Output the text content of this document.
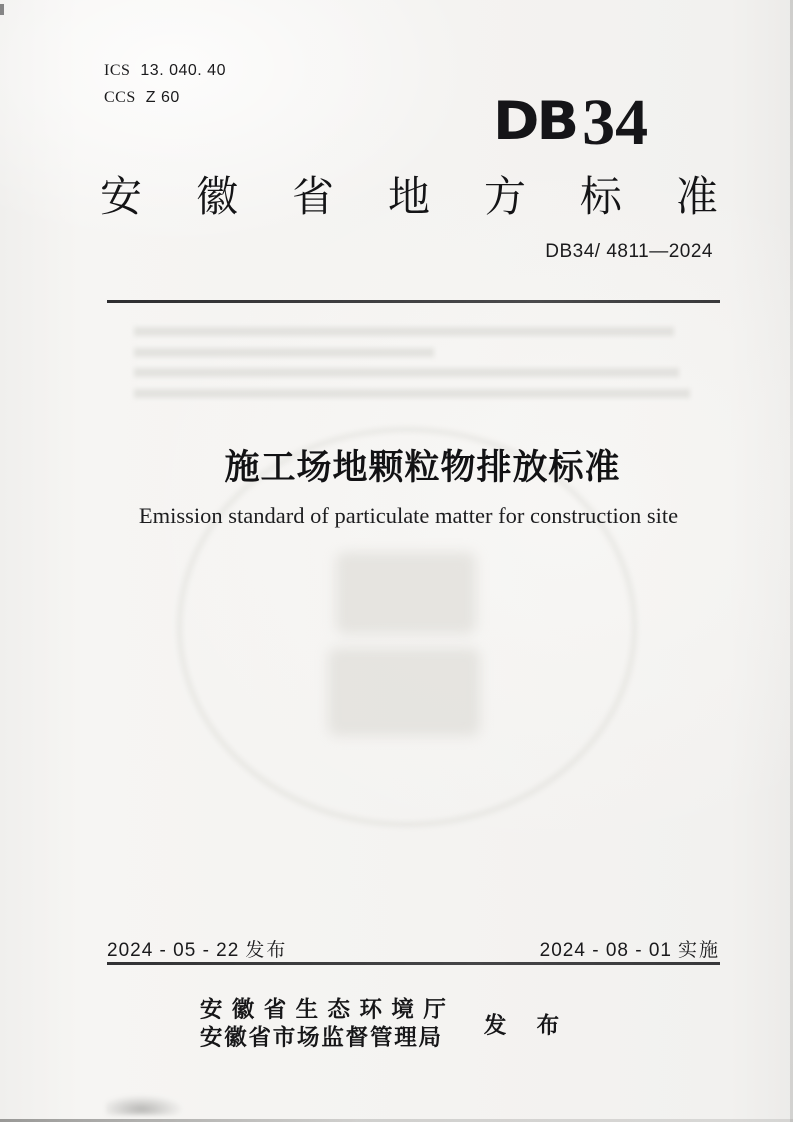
ICS 13. 040. 40
CCS Z 60	DB 34
安 徽 省 地 方 标 准
DB34/ 4811—2024
施工场地颗粒物排放标准
Emission standard of particulate matter for construction site
2024 - 05 - 22 发布	2024 - 08 - 01 实施
安 徽 省 生 态 环 境 厅
安徽省市场监督管理局 发 布
